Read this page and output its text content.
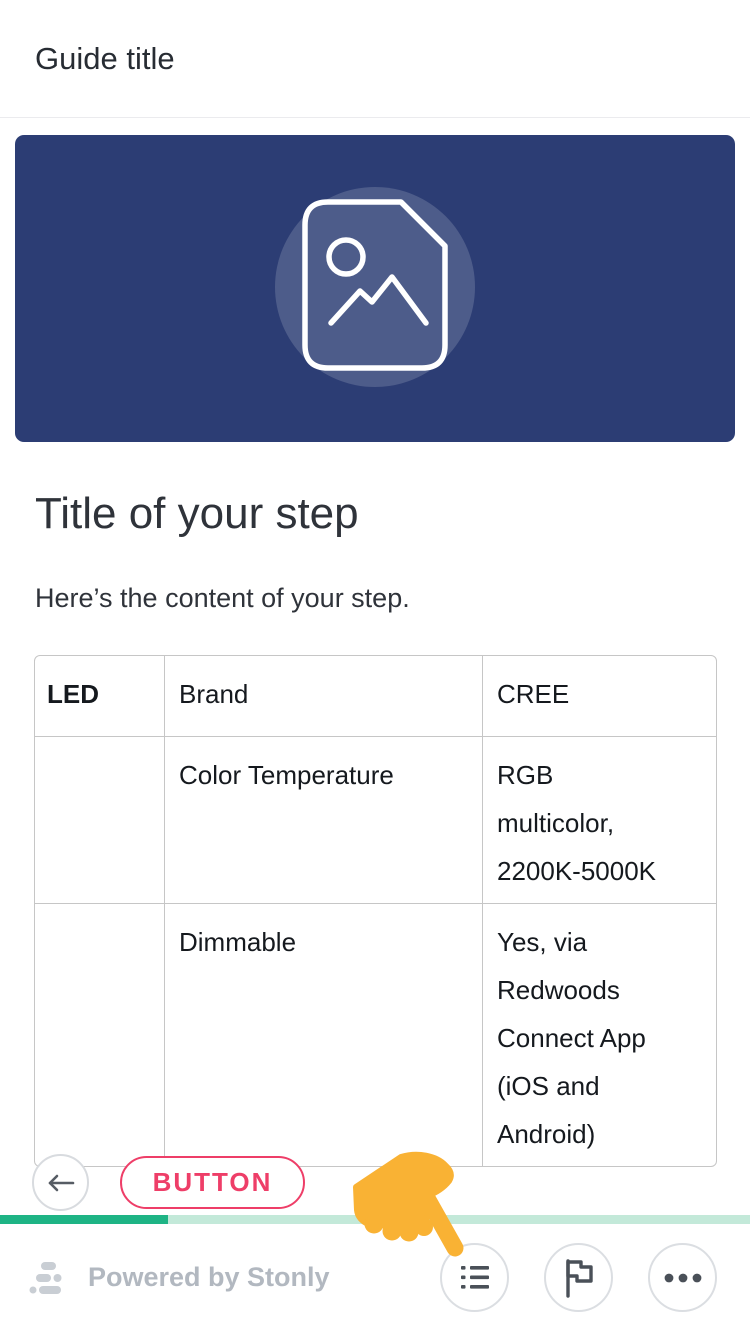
Guide title
Title of your step
Here’s the content of your step.
LED	Brand	CREE
	Color Temperature	RGB multicolor, 2200K-5000K
	Dimmable	Yes, via Redwoods Connect App (iOS and Android)
BUTTON
Powered by Stonly
